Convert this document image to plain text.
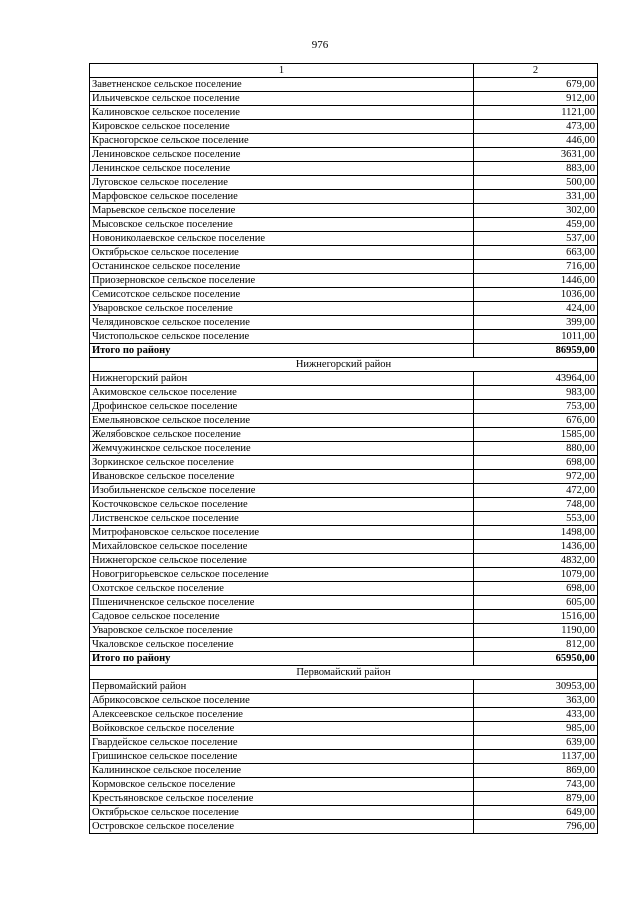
976
1	2
Заветненское сельское поселение	679,00
Ильичевское сельское поселение	912,00
Калиновское сельское поселение	1121,00
Кировское сельское поселение	473,00
Красногорское сельское поселение	446,00
Лениновское сельское поселение	3631,00
Ленинское сельское поселение	883,00
Луговское сельское поселение	500,00
Марфовское сельское поселение	331,00
Марьевское сельское поселение	302,00
Мысовское сельское поселение	459,00
Новониколаевское сельское поселение	537,00
Октябрьское сельское поселение	663,00
Останинское сельское поселение	716,00
Приозерновское сельское поселение	1446,00
Семисотское сельское поселение	1036,00
Уваровское сельское поселение	424,00
Челядиновское сельское поселение	399,00
Чистопольское сельское поселение	1011,00
Итого по району	86959,00
Нижнегорский район	
Нижнегорский район	43964,00
Акимовское сельское поселение	983,00
Дрофинское сельское поселение	753,00
Емельяновское сельское поселение	676,00
Желябовское сельское поселение	1585,00
Жемчужинское сельское поселение	880,00
Зоркинское сельское поселение	698,00
Ивановское сельское поселение	972,00
Изобильненское сельское поселение	472,00
Косточковское сельское поселение	748,00
Лиственское сельское поселение	553,00
Митрофановское сельское поселение	1498,00
Михайловское сельское поселение	1436,00
Нижнегорское сельское поселение	4832,00
Новогригорьевское сельское поселение	1079,00
Охотское сельское поселение	698,00
Пшеничненское сельское поселение	605,00
Садовое сельское поселение	1516,00
Уваровское сельское поселение	1190,00
Чкаловское сельское поселение	812,00
Итого по району	65950,00
Первомайский район	
Первомайский район	30953,00
Абрикосовское сельское поселение	363,00
Алексеевское сельское поселение	433,00
Войковское сельское поселение	985,00
Гвардейское сельское поселение	639,00
Гришинское сельское поселение	1137,00
Калининское сельское поселение	869,00
Кормовское сельское поселение	743,00
Крестьяновское сельское поселение	879,00
Октябрьское сельское поселение	649,00
Островское сельское поселение	796,00
